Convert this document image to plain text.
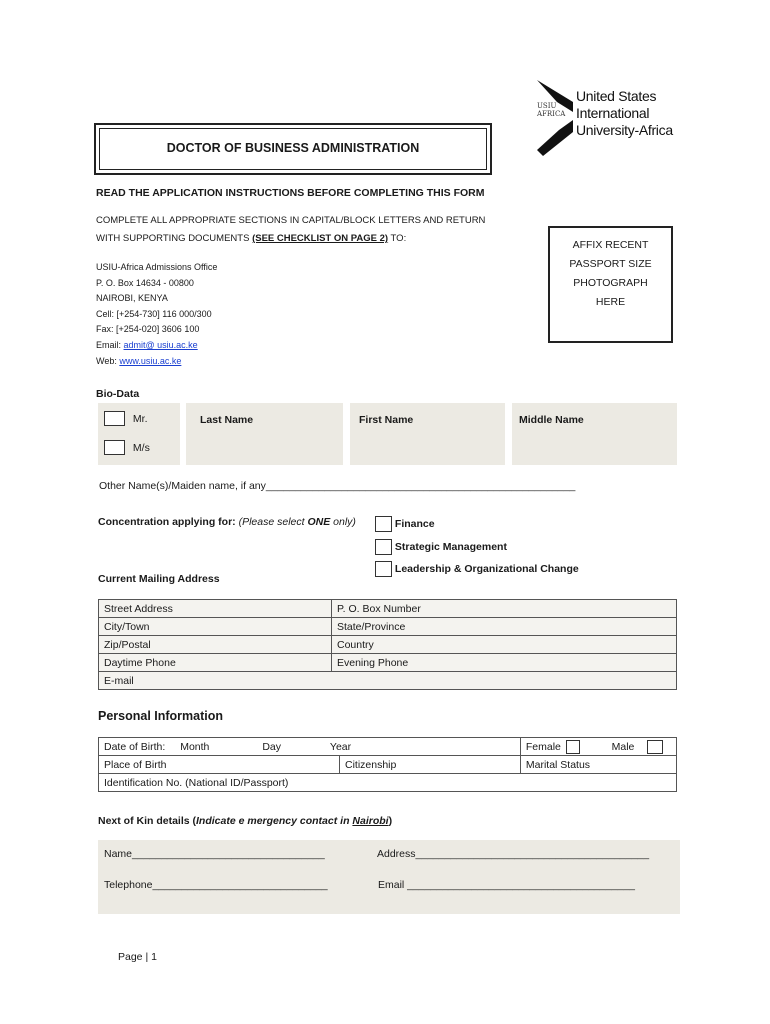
USIU
AFRICA
United States
International
University-Africa
DOCTOR OF BUSINESS ADMINISTRATION
READ THE APPLICATION INSTRUCTIONS BEFORE COMPLETING THIS FORM
COMPLETE ALL APPROPRIATE SECTIONS IN CAPITAL/BLOCK LETTERS AND RETURN
WITH SUPPORTING DOCUMENTS (SEE CHECKLIST ON PAGE 2) TO:
USIU-Africa Admissions Office
P. O. Box 14634 - 00800
NAIROBI, KENYA
Cell: [+254-730] 116 000/300
Fax: [+254-020] 3606 100
Email: admit@ usiu.ac.ke
Web: www.usiu.ac.ke
AFFIX RECENT
PASSPORT SIZE
PHOTOGRAPH
HERE
Bio-Data
Mr.
M/s
Last Name	First Name	Middle Name
Other Name(s)/Maiden name, if any_____________________________________________________
Concentration applying for: (Please select ONE only)	Finance
Strategic Management
Leadership & Organizational Change
Current Mailing Address
Street Address	P. O. Box Number
City/Town	State/Province
Zip/Postal	Country
Daytime Phone	Evening Phone
E-mail	
Personal Information
Date of Birth: Month Day Year		Female Male
Place of Birth	Citizenship	Marital Status
Identification No. (National ID/Passport)		
Next of Kin details (Indicate e mergency contact in Nairobi)
Name_________________________________	Address________________________________________
Telephone______________________________	Email _______________________________________
Page | 1
